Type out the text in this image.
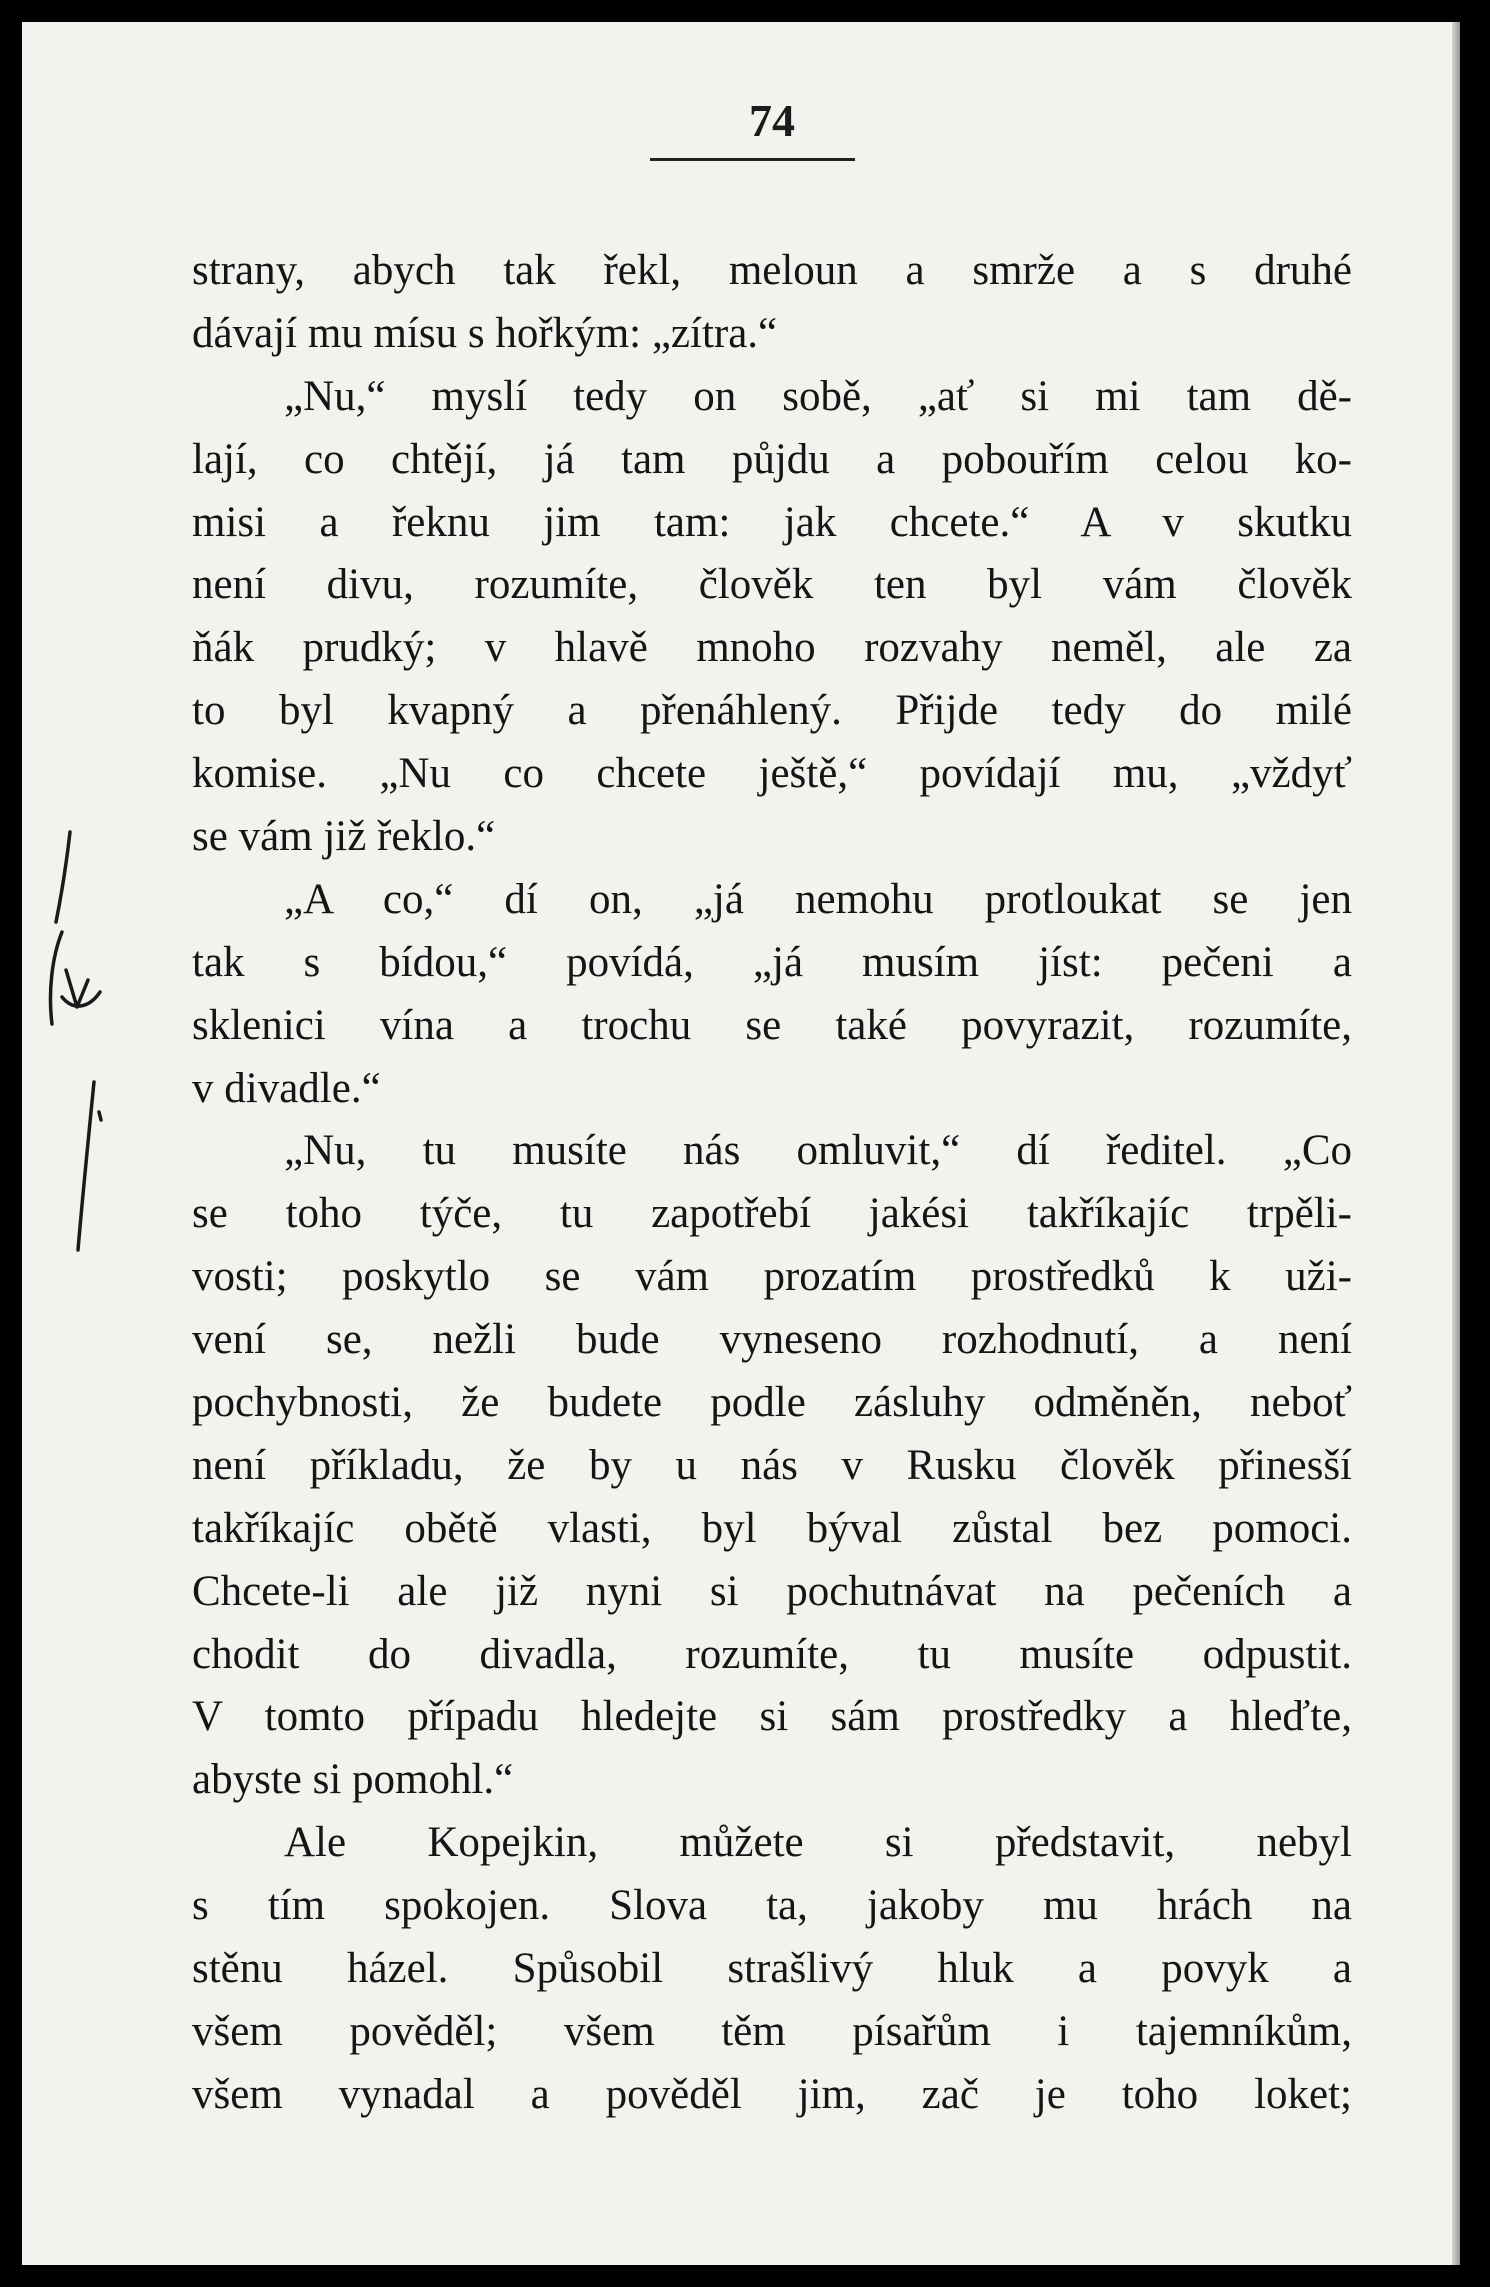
74
strany, abych tak řekl, meloun a smrže a s druhé
dávají mu mísu s hořkým: „zítra.“
„Nu,“ myslí tedy on sobě, „ať si mi tam dě-
lají, co chtějí, já tam půjdu a pobouřím celou ko-
misi a řeknu jim tam: jak chcete.“ A v skutku
není divu, rozumíte, člověk ten byl vám člověk
ňák prudký; v hlavě mnoho rozvahy neměl, ale za
to byl kvapný a přenáhlený. Přijde tedy do milé
komise. „Nu co chcete ještě,“ povídají mu, „vždyť
se vám již řeklo.“
„A co,“ dí on, „já nemohu protloukat se jen
tak s bídou,“ povídá, „já musím jíst: pečeni a
sklenici vína a trochu se také povyrazit, rozumíte,
v divadle.“
„Nu, tu musíte nás omluvit,“ dí ředitel. „Co
se toho týče, tu zapotřebí jakési takříkajíc trpěli-
vosti; poskytlo se vám prozatím prostředků k uži-
vení se, nežli bude vyneseno rozhodnutí, a není
pochybnosti, že budete podle zásluhy odměněn, neboť
není příkladu, že by u nás v Rusku člověk přinesší
takříkajíc obětě vlasti, byl býval zůstal bez pomoci.
Chcete-li ale již nyni si pochutnávat na pečeních a
chodit do divadla, rozumíte, tu musíte odpustit.
V tomto případu hledejte si sám prostředky a hleďte,
abyste si pomohl.“
Ale Kopejkin, můžete si představit, nebyl
s tím spokojen. Slova ta, jakoby mu hrách na
stěnu házel. Spůsobil strašlivý hluk a povyk a
všem pověděl; všem těm písařům i tajemníkům,
všem vynadal a pověděl jim, zač je toho loket;
